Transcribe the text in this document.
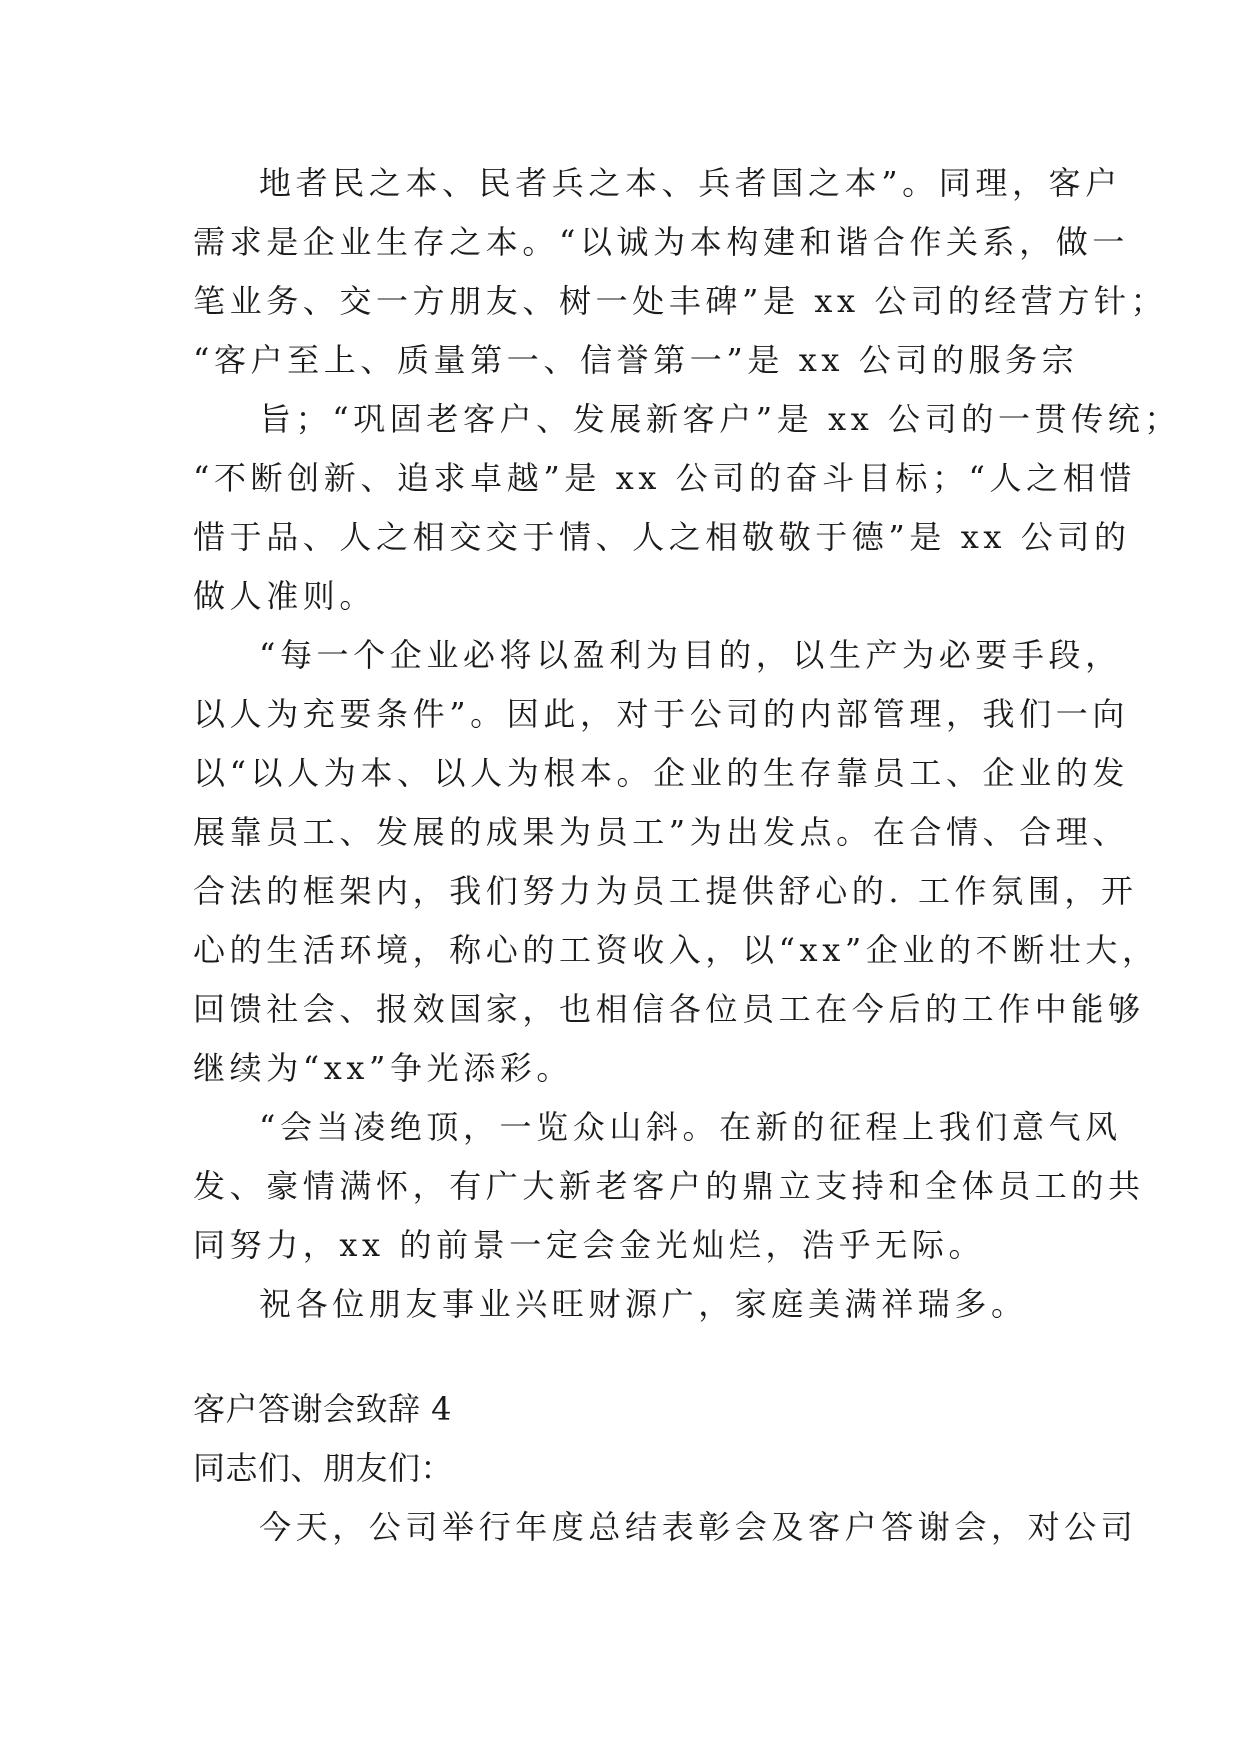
地者民之本、民者兵之本、兵者国之本”。同理，客户
需求是企业生存之本。“以诚为本构建和谐合作关系，做一
笔业务、交一方朋友、树一处丰碑”是 xx 公司的经营方针；
“客户至上、质量第一、信誉第一”是 xx 公司的服务宗
旨；“巩固老客户、发展新客户”是 xx 公司的一贯传统；
“不断创新、追求卓越”是 xx 公司的奋斗目标；“人之相惜
惜于品、人之相交交于情、人之相敬敬于德”是 xx 公司的
做人准则。
“每一个企业必将以盈利为目的，以生产为必要手段，
以人为充要条件”。因此，对于公司的内部管理，我们一向
以“以人为本、以人为根本。企业的生存靠员工、企业的发
展靠员工、发展的成果为员工”为出发点。在合情、合理、
合法的框架内，我们努力为员工提供舒心的. 工作氛围，开
心的生活环境，称心的工资收入，以“xx”企业的不断壮大，
回馈社会、报效国家，也相信各位员工在今后的工作中能够
继续为“xx”争光添彩。
“会当凌绝顶，一览众山斜。在新的征程上我们意气风
发、豪情满怀，有广大新老客户的鼎立支持和全体员工的共
同努力，xx 的前景一定会金光灿烂，浩乎无际。
祝各位朋友事业兴旺财源广，家庭美满祥瑞多。
客户答谢会致辞 4
同志们、朋友们：
今天，公司举行年度总结表彰会及客户答谢会，对公司
